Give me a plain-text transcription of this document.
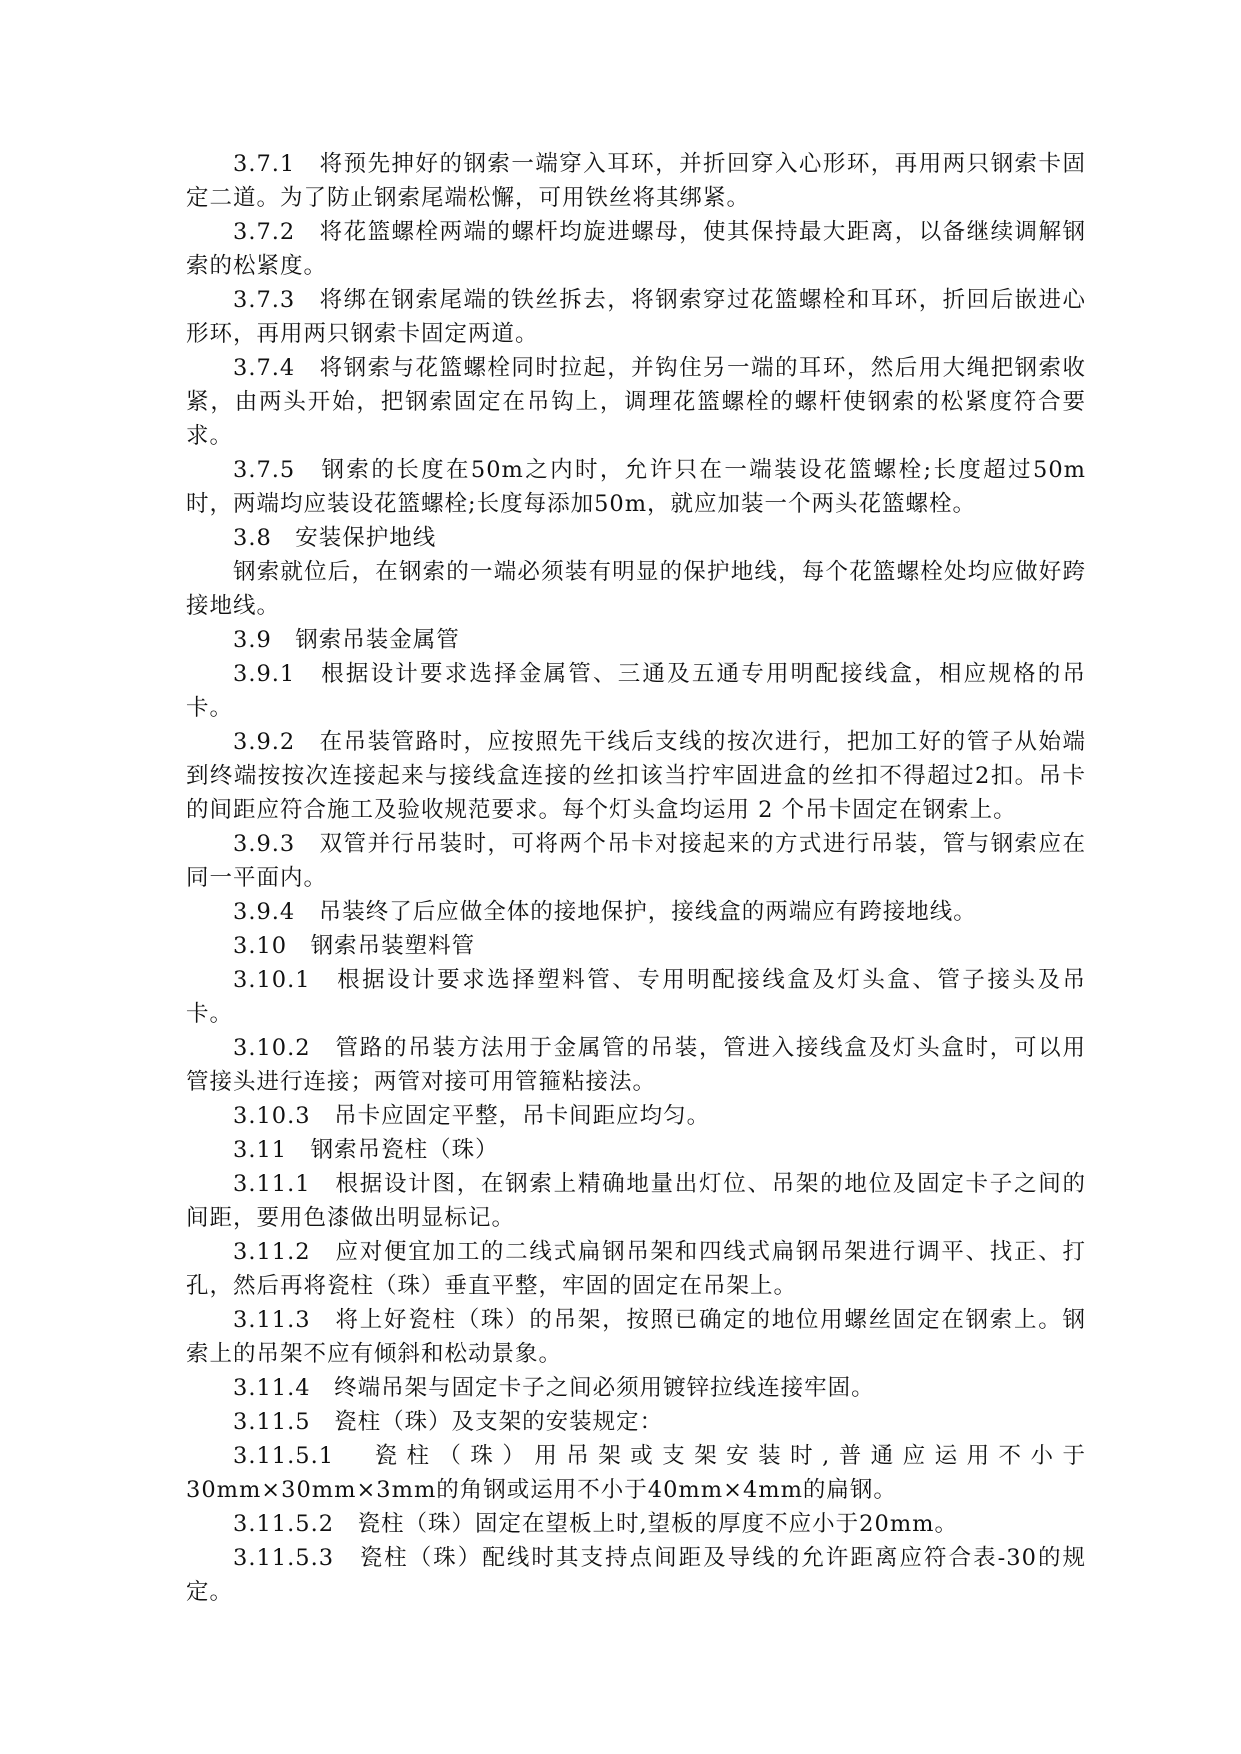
3.7.1　将预先抻好的钢索一端穿入耳环，并折回穿入心形环，再用两只钢索卡固定二道。为了防止钢索尾端松懈，可用铁丝将其绑紧。

3.7.2　将花篮螺栓两端的螺杆均旋进螺母，使其保持最大距离，以备继续调解钢索的松紧度。

3.7.3　将绑在钢索尾端的铁丝拆去，将钢索穿过花篮螺栓和耳环，折回后嵌进心形环，再用两只钢索卡固定两道。

3.7.4　将钢索与花篮螺栓同时拉起，并钩住另一端的耳环，然后用大绳把钢索收紧，由两头开始，把钢索固定在吊钩上，调理花篮螺栓的螺杆使钢索的松紧度符合要求。

3.7.5　钢索的长度在50m之内时，允许只在一端装设花篮螺栓;长度超过50m时，两端均应装设花篮螺栓;长度每添加50m，就应加装一个两头花篮螺栓。

3.8　安装保护地线

钢索就位后，在钢索的一端必须装有明显的保护地线，每个花篮螺栓处均应做好跨接地线。

3.9　钢索吊装金属管

3.9.1　根据设计要求选择金属管、三通及五通专用明配接线盒，相应规格的吊卡。

3.9.2　在吊装管路时，应按照先干线后支线的按次进行，把加工好的管子从始端到终端按按次连接起来与接线盒连接的丝扣该当拧牢固进盒的丝扣不得超过2扣。吊卡的间距应符合施工及验收规范要求。每个灯头盒均运用 2 个吊卡固定在钢索上。

3.9.3　双管并行吊装时，可将两个吊卡对接起来的方式进行吊装，管与钢索应在同一平面内。

3.9.4　吊装终了后应做全体的接地保护，接线盒的两端应有跨接地线。

3.10　钢索吊装塑料管

3.10.1　根据设计要求选择塑料管、专用明配接线盒及灯头盒、管子接头及吊卡。

3.10.2　管路的吊装方法用于金属管的吊装，管进入接线盒及灯头盒时，可以用管接头进行连接；两管对接可用管箍粘接法。

3.10.3　吊卡应固定平整，吊卡间距应均匀。

3.11　钢索吊瓷柱（珠）

3.11.1　根据设计图，在钢索上精确地量出灯位、吊架的地位及固定卡子之间的间距，要用色漆做出明显标记。

3.11.2　应对便宜加工的二线式扁钢吊架和四线式扁钢吊架进行调平、找正、打孔，然后再将瓷柱（珠）垂直平整，牢固的固定在吊架上。

3.11.3　将上好瓷柱（珠）的吊架，按照已确定的地位用螺丝固定在钢索上。钢索上的吊架不应有倾斜和松动景象。

3.11.4　终端吊架与固定卡子之间必须用镀锌拉线连接牢固。

3.11.5　瓷柱（珠）及支架的安装规定：

3.11.5.1　瓷柱（珠）用吊架或支架安装时,普通应运用不小于30mm×30mm×3mm的角钢或运用不小于40mm×4mm的扁钢。

3.11.5.2　瓷柱（珠）固定在望板上时,望板的厚度不应小于20mm。

3.11.5.3　瓷柱（珠）配线时其支持点间距及导线的允许距离应符合表-30的规定。
